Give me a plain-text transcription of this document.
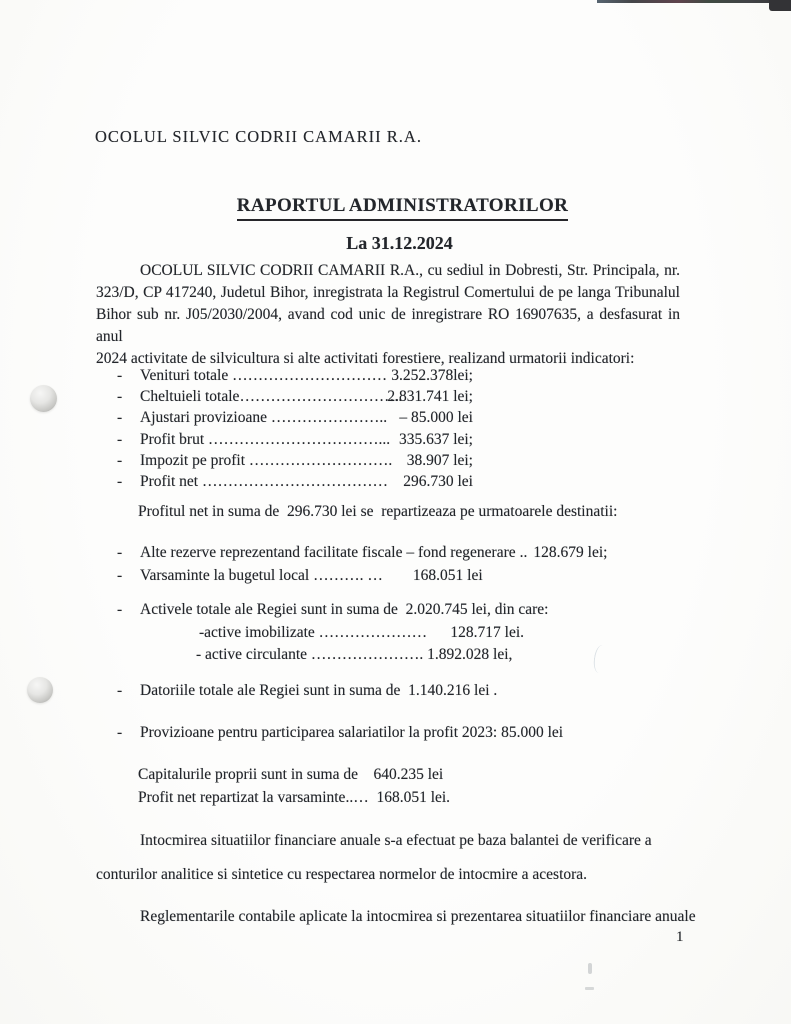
OCOLUL SILVIC CODRII CAMARII R.A.
RAPORTUL ADMINISTRATORILOR
La 31.12.2024
OCOLUL SILVIC CODRII CAMARII R.A., cu sediul in Dobresti, Str. Principala, nr.
323/D, CP 417240, Judetul Bihor, inregistrata la Registrul Comertului de pe langa Tribunalul
Bihor sub nr. J05/2030/2004, avand cod unic de inregistrare RO 16907635, a desfasurat in anul
2024 activitate de silvicultura si alte activitati forestiere, realizand urmatorii indicatori:
- Venituri totale ………………………… 3.252.378lei;
- Cheltuieli totale…………………………..
2.831.741 lei;
- Ajustari provizioane ………………….. – 85.000 lei
- Profit brut ……………………………... 335.637 lei;
- Impozit pe profit ………………………. 38.907 lei;
- Profit net ……………………………… 296.730 lei
Profitul net in suma de  296.730 lei se  repartizeaza pe urmatoarele destinatii:
- Alte rezerve reprezentand facilitate fiscale – fond regenerare .. 128.679 lei;
- Varsaminte la bugetul local ………. … 168.051 lei
- Activele totale ale Regiei sunt in suma de  2.020.745 lei, din care:
-active imobilizate …………………      128.717 lei.
- active circulante …………………. 1.892.028 lei,
- Datoriile totale ale Regiei sunt in suma de  1.140.216 lei .
- Provizioane pentru participarea salariatilor la profit 2023: 85.000 lei
Capitalurile proprii sunt in suma de    640.235 lei
Profit net repartizat la varsaminte..…  168.051 lei.
Intocmirea situatiilor financiare anuale s-a efectuat pe baza balantei de verificare a
conturilor analitice si sintetice cu respectarea normelor de intocmire a acestora.
Reglementarile contabile aplicate la intocmirea si prezentarea situatiilor financiare anuale
1
